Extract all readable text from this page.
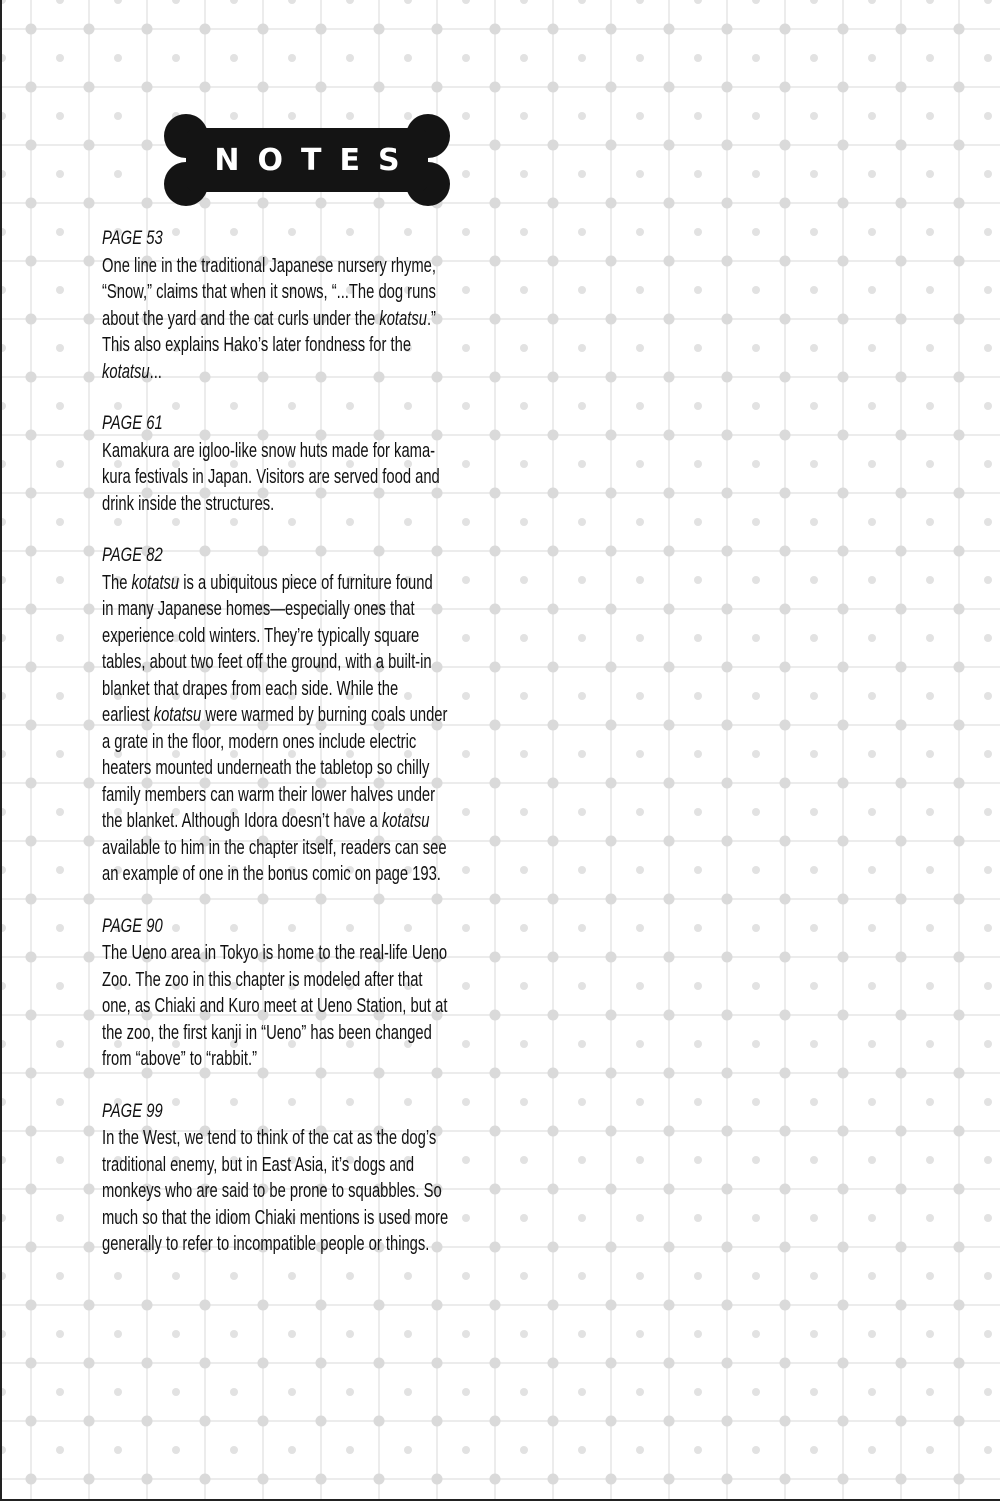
NOTES
PAGE 53
One line in the traditional Japanese nursery rhyme,
“Snow,” claims that when it snows, “...The dog runs
about the yard and the cat curls under the kotatsu.”
This also explains Hako’s later fondness for the
kotatsu...
PAGE 61
Kamakura are igloo-like snow huts made for kama-
kura festivals in Japan. Visitors are served food and
drink inside the structures.
PAGE 82
The kotatsu is a ubiquitous piece of furniture found
in many Japanese homes—especially ones that
experience cold winters. They’re typically square
tables, about two feet off the ground, with a built-in
blanket that drapes from each side. While the
earliest kotatsu were warmed by burning coals under
a grate in the floor, modern ones include electric
heaters mounted underneath the tabletop so chilly
family members can warm their lower halves under
the blanket. Although Idora doesn’t have a kotatsu
available to him in the chapter itself, readers can see
an example of one in the bonus comic on page 193.
PAGE 90
The Ueno area in Tokyo is home to the real-life Ueno
Zoo. The zoo in this chapter is modeled after that
one, as Chiaki and Kuro meet at Ueno Station, but at
the zoo, the first kanji in “Ueno” has been changed
from “above” to “rabbit.”
PAGE 99
In the West, we tend to think of the cat as the dog’s
traditional enemy, but in East Asia, it’s dogs and
monkeys who are said to be prone to squabbles. So
much so that the idiom Chiaki mentions is used more
generally to refer to incompatible people or things.
